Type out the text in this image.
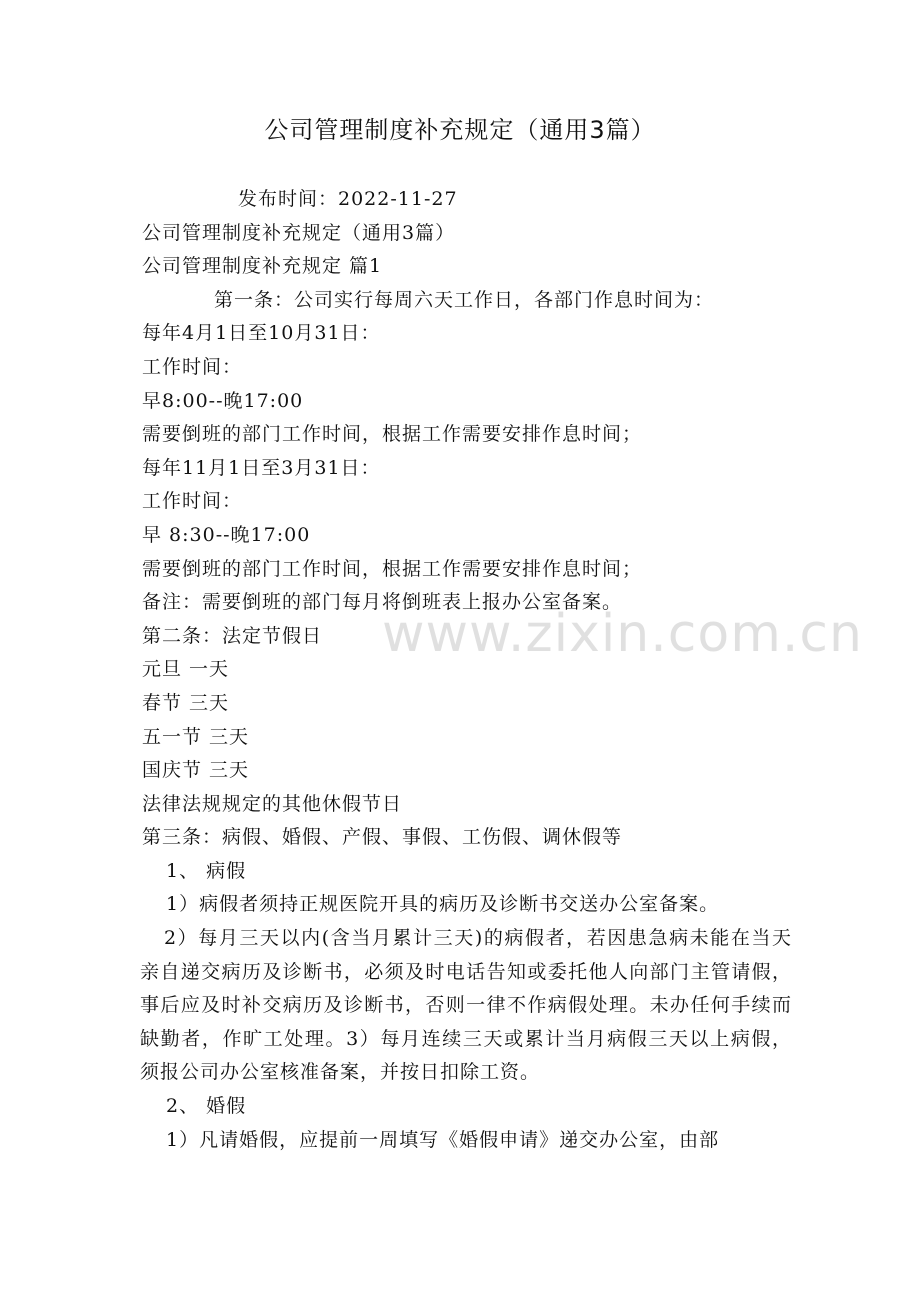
公司管理制度补充规定（通用3篇）
发布时间：2022-11-27
公司管理制度补充规定（通用3篇）
公司管理制度补充规定 篇1
第一条：公司实行每周六天工作日，各部门作息时间为：
每年4月1日至10月31日：
工作时间：
早8:00--晚17:00
需要倒班的部门工作时间，根据工作需要安排作息时间；
每年11月1日至3月31日：
工作时间：
早 8:30--晚17:00
需要倒班的部门工作时间，根据工作需要安排作息时间；
备注：需要倒班的部门每月将倒班表上报办公室备案。
第二条：法定节假日
元旦 一天
春节 三天
五一节 三天
国庆节 三天
法律法规规定的其他休假节日
第三条：病假、婚假、产假、事假、工伤假、调休假等
1、 病假
1）病假者须持正规医院开具的病历及诊断书交送办公室备案。
2）每月三天以内(含当月累计三天)的病假者，若因患急病未能在当天亲自递交病历及诊断书，必须及时电话告知或委托他人向部门主管请假，事后应及时补交病历及诊断书，否则一律不作病假处理。未办任何手续而缺勤者，作旷工处理。3）每月连续三天或累计当月病假三天以上病假，须报公司办公室核准备案，并按日扣除工资。
2、 婚假
1）凡请婚假，应提前一周填写《婚假申请》递交办公室，由部
www.zixin.com.cn
